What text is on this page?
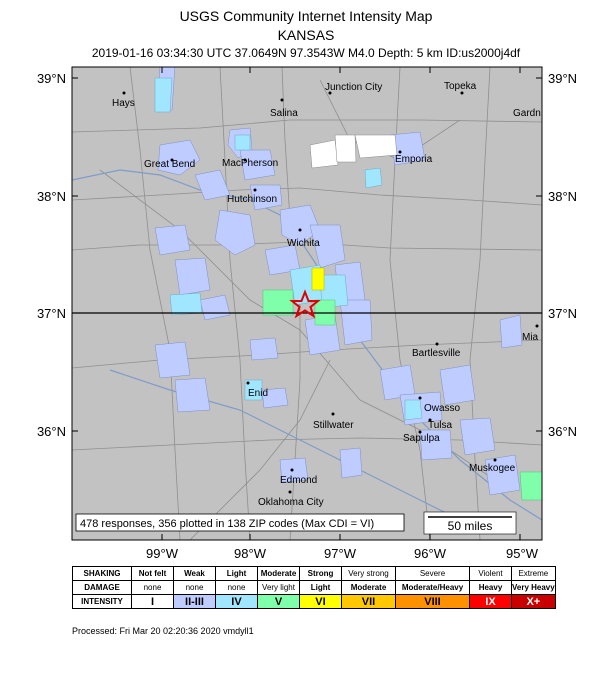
USGS Community Internet Intensity Map
KANSAS
2019-01-16 03:34:30 UTC 37.0649N 97.3543W M4.0 Depth: 5 km ID:us2000j4df
39°N
38°N
37°N
36°N
39°N
38°N
37°N
36°N
99°W	98°W	97°W	96°W	95°W
Hays
Junction City	Topeka
Gardn
Salina
Great Bend	MacPherson	Emporia
Hutchinson
Wichita
Bartlesville
Mia
Enid
Owasso
Stillwater	Tulsa
Sapulpa
Muskogee
Edmond
Oklahoma City
478 responses, 356 plotted in 138 ZIP codes (Max CDI = VI)	50 miles
SHAKING	Not felt	Weak	Light	Moderate	Strong	Very strong	Severe	Violent	Extreme
DAMAGE	none	none	none	Very light	Light	Moderate	Moderate/Heavy	Heavy	Very Heavy
INTENSITY	I	II-III	IV	V	VI	VII	VIII	IX	X+
Processed: Fri Mar 20 02:20:36 2020 vmdyll1
